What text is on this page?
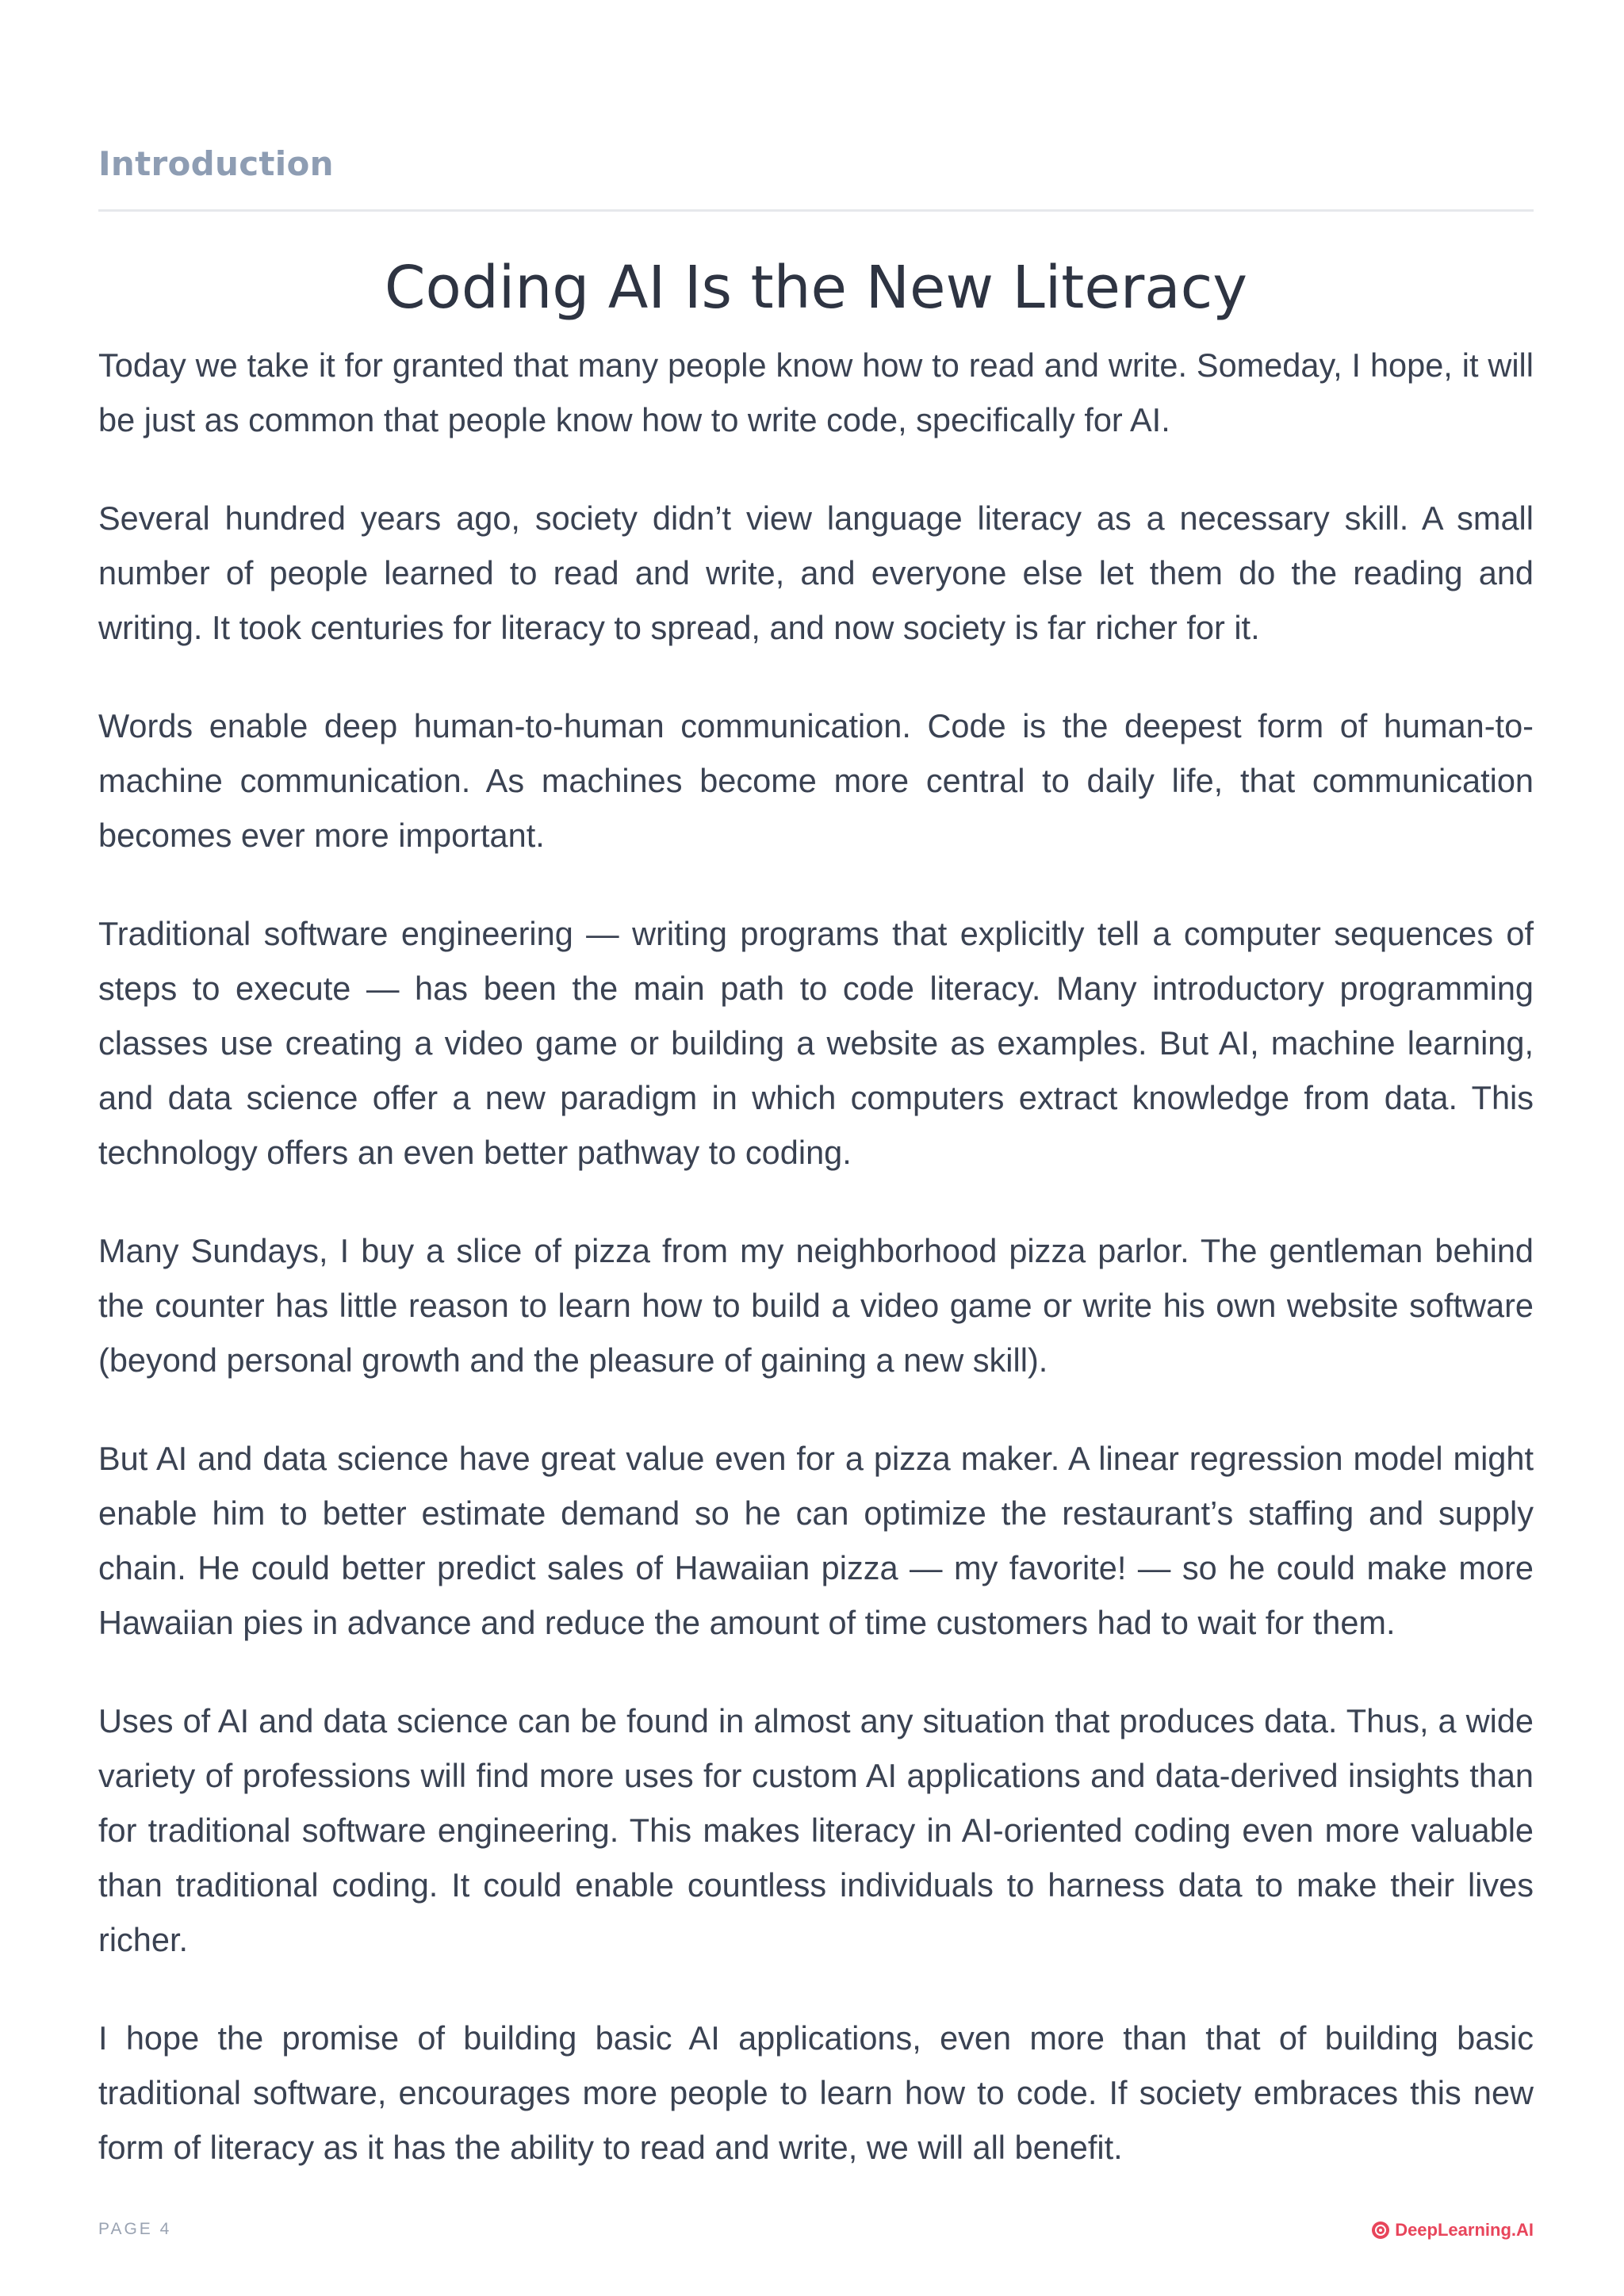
Introduction
Coding AI Is the New Literacy

Today we take it for granted that many people know how to read and write. Someday, I hope, it will be just as common that people know how to write code, specifically for AI.

Several hundred years ago, society didn’t view language literacy as a necessary skill. A small number of people learned to read and write, and everyone else let them do the reading and writing. It took centuries for literacy to spread, and now society is far richer for it.

Words enable deep human-to-human communication. Code is the deepest form of human-to-machine communication. As machines become more central to daily life, that communication becomes ever more important.

Traditional software engineering — writing programs that explicitly tell a computer sequences of steps to execute — has been the main path to code literacy. Many introductory programming classes use creating a video game or building a website as examples. But AI, machine learning, and data science offer a new paradigm in which computers extract knowledge from data. This technology offers an even better pathway to coding.

Many Sundays, I buy a slice of pizza from my neighborhood pizza parlor. The gentleman behind the counter has little reason to learn how to build a video game or write his own website software (beyond personal growth and the pleasure of gaining a new skill).

But AI and data science have great value even for a pizza maker. A linear regression model might enable him to better estimate demand so he can optimize the restaurant’s staffing and supply chain. He could better predict sales of Hawaiian pizza — my favorite! — so he could make more Hawaiian pies in advance and reduce the amount of time customers had to wait for them.

Uses of AI and data science can be found in almost any situation that produces data. Thus, a wide variety of professions will find more uses for custom AI applications and data-derived insights than for traditional software engineering. This makes literacy in AI-oriented coding even more valuable than traditional coding. It could enable countless individuals to harness data to make their lives richer.

I hope the promise of building basic AI applications, even more than that of building basic traditional software, encourages more people to learn how to code. If society embraces this new form of literacy as it has the ability to read and write, we will all benefit.

PAGE 4	DeepLearning.AI
